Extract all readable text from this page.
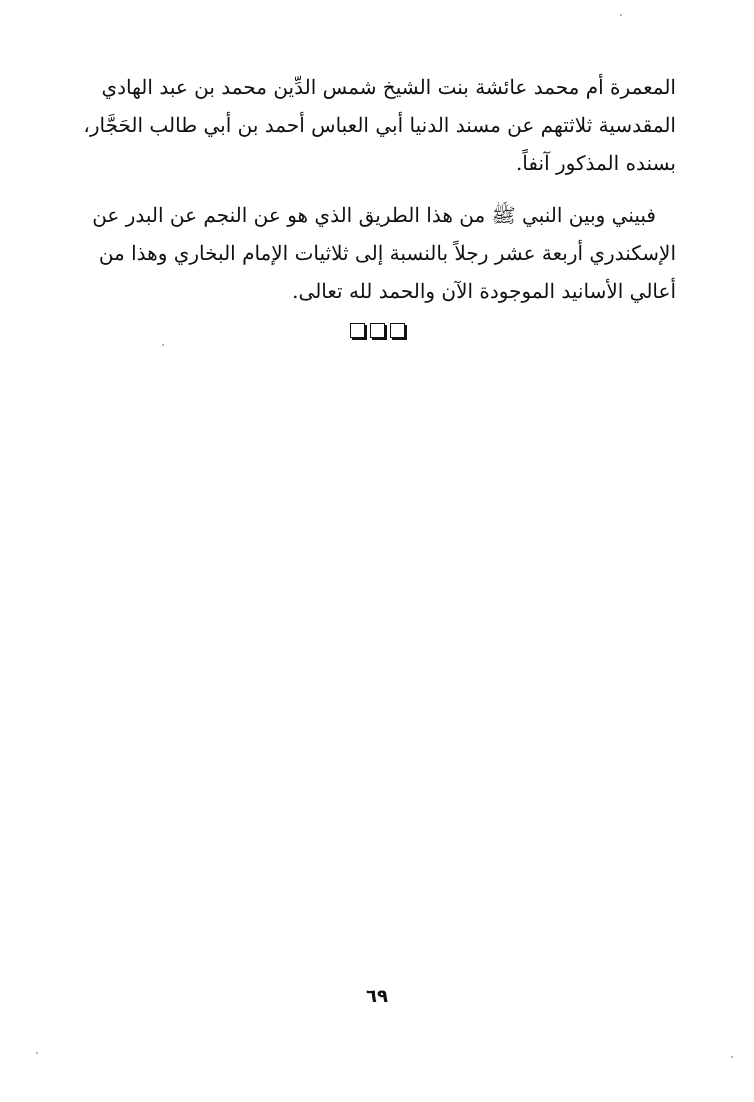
المعمرة أم محمد عائشة بنت الشيخ شمس الدِّين محمد بن عبد الهادي
المقدسية ثلاثتهم عن مسند الدنيا أبي العباس أحمد بن أبي طالب الحَجَّار،
بسنده المذكور آنفاً.
فبيني وبين النبي ﷺ من هذا الطريق الذي هو عن النجم عن البدر عن
الإسكندري أربعة عشر رجلاً بالنسبة إلى ثلاثيات الإمام البخاري وهذا من
أعالي الأسانيد الموجودة الآن والحمد لله تعالى.
٦٩
